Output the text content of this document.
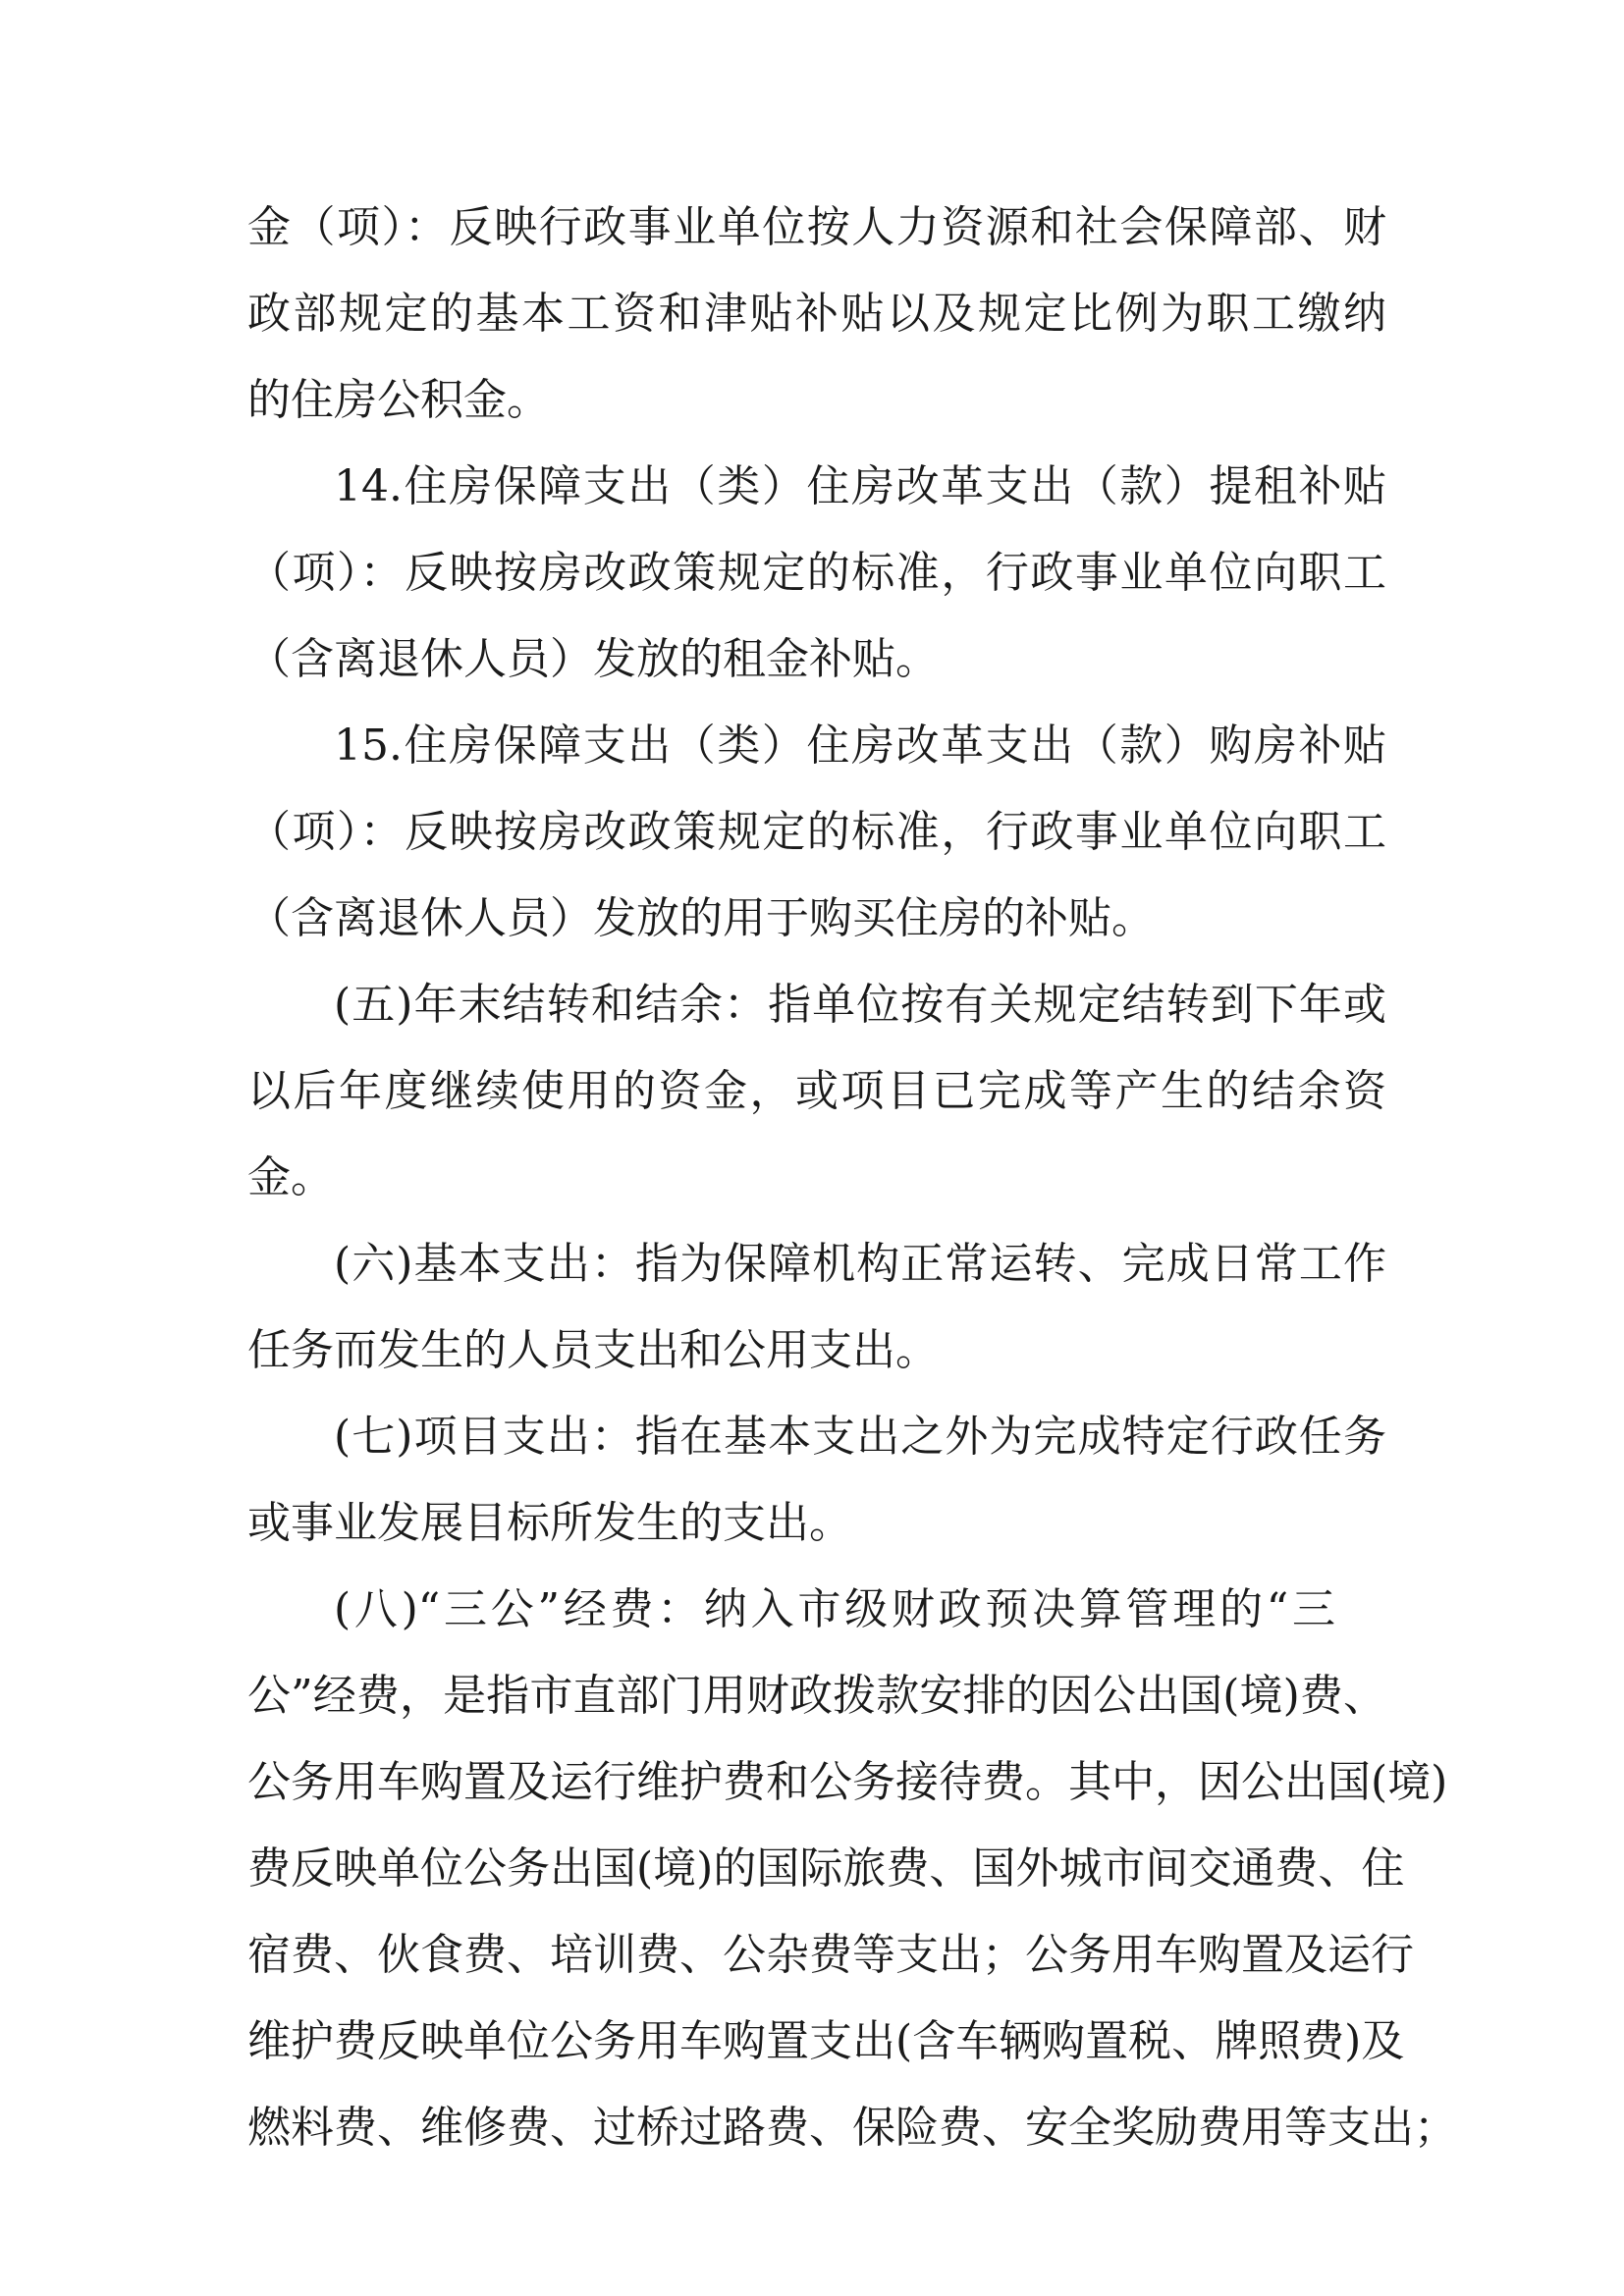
金（项）：反映行政事业单位按人力资源和社会保障部、财
政部规定的基本工资和津贴补贴以及规定比例为职工缴纳
的住房公积金。
14.住房保障支出（类）住房改革支出（款）提租补贴
（项）：反映按房改政策规定的标准，行政事业单位向职工
（含离退休人员）发放的租金补贴。
15.住房保障支出（类）住房改革支出（款）购房补贴
（项）：反映按房改政策规定的标准，行政事业单位向职工
（含离退休人员）发放的用于购买住房的补贴。
(五)年末结转和结余：指单位按有关规定结转到下年或
以后年度继续使用的资金，或项目已完成等产生的结余资
金。
(六)基本支出：指为保障机构正常运转、完成日常工作
任务而发生的人员支出和公用支出。
(七)项目支出：指在基本支出之外为完成特定行政任务
或事业发展目标所发生的支出。
(八)“三公”经费：纳入市级财政预决算管理的“三
公”经费，是指市直部门用财政拨款安排的因公出国(境)费、
公务用车购置及运行维护费和公务接待费。其中，因公出国(境)
费反映单位公务出国(境)的国际旅费、国外城市间交通费、住
宿费、伙食费、培训费、公杂费等支出；公务用车购置及运行
维护费反映单位公务用车购置支出(含车辆购置税、牌照费)及
燃料费、维修费、过桥过路费、保险费、安全奖励费用等支出；
